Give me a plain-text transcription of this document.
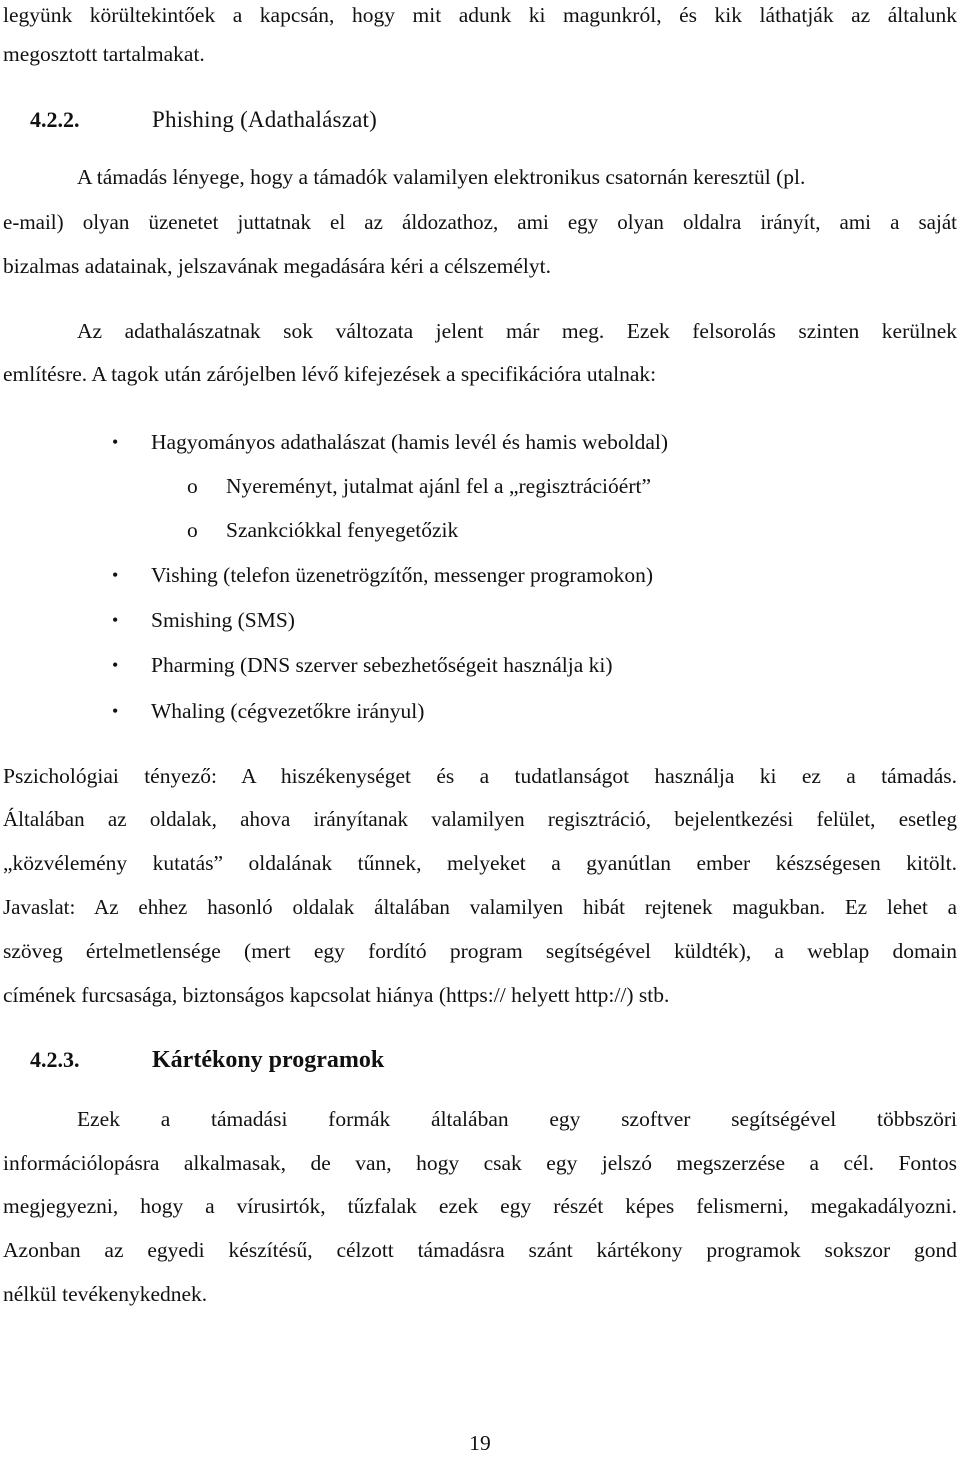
legyünk körültekintőek a kapcsán, hogy mit adunk ki magunkról, és kik láthatják az általunk
megosztott tartalmakat.
4.2.2.	Phishing (Adathalászat)
A támadás lényege, hogy a támadók valamilyen elektronikus csatornán keresztül (pl.
e-mail) olyan üzenetet juttatnak el az áldozathoz, ami egy olyan oldalra irányít, ami a saját
bizalmas adatainak, jelszavának megadására kéri a célszemélyt.
Az adathalászatnak sok változata jelent már meg. Ezek felsorolás szinten kerülnek
említésre. A tagok után zárójelben lévő kifejezések a specifikációra utalnak:
• Hagyományos adathalászat (hamis levél és hamis weboldal)
o Nyereményt, jutalmat ajánl fel a „regisztrációért”
o Szankciókkal fenyegetőzik
• Vishing (telefon üzenetrögzítőn, messenger programokon)
• Smishing (SMS)
• Pharming (DNS szerver sebezhetőségeit használja ki)
• Whaling (cégvezetőkre irányul)
Pszichológiai tényező: A hiszékenységet és a tudatlanságot használja ki ez a támadás.
Általában az oldalak, ahova irányítanak valamilyen regisztráció, bejelentkezési felület, esetleg
„közvélemény kutatás” oldalának tűnnek, melyeket a gyanútlan ember készségesen kitölt.
Javaslat: Az ehhez hasonló oldalak általában valamilyen hibát rejtenek magukban. Ez lehet a
szöveg értelmetlensége (mert egy fordító program segítségével küldték), a weblap domain
címének furcsasága, biztonságos kapcsolat hiánya (https:// helyett http://) stb.
4.2.3.	Kártékony programok
Ezek a támadási formák általában egy szoftver segítségével többszöri
információlopásra alkalmasak, de van, hogy csak egy jelszó megszerzése a cél. Fontos
megjegyezni, hogy a vírusirtók, tűzfalak ezek egy részét képes felismerni, megakadályozni.
Azonban az egyedi készítésű, célzott támadásra szánt kártékony programok sokszor gond
nélkül tevékenykednek.
19
